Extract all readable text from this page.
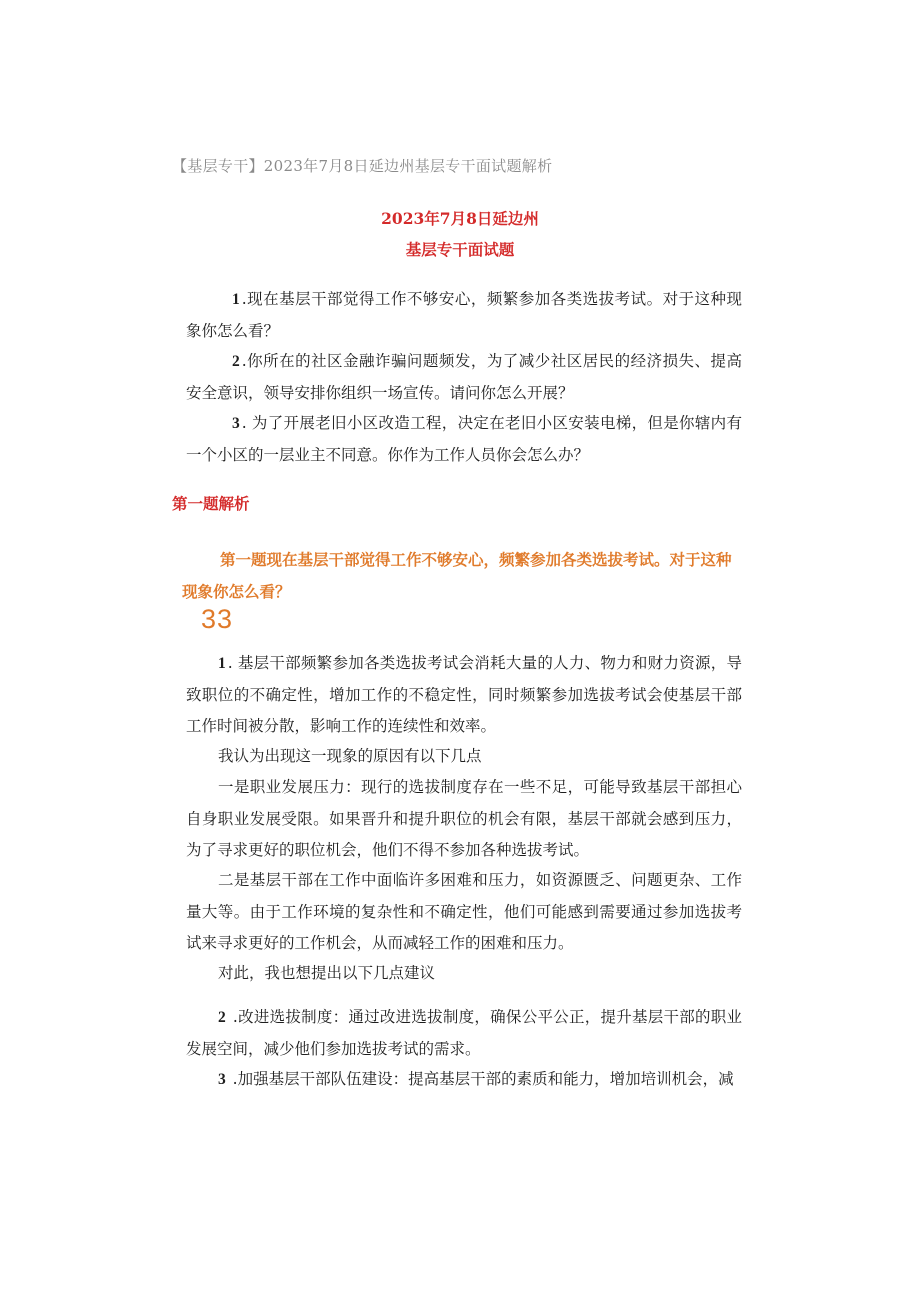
【基层专干】2023年7月8日延边州基层专干面试题解析

2023年7月8日延边州

基层专干面试题

1 .现在基层干部觉得工作不够安心，频繁参加各类选拔考试。对于这种现象你怎么看？

2 .你所在的社区金融诈骗问题频发，为了减少社区居民的经济损失、提高安全意识，领导安排你组织一场宣传。请问你怎么开展？

3 . 为了开展老旧小区改造工程，决定在老旧小区安装电梯，但是你辖内有一个小区的一层业主不同意。你作为工作人员你会怎么办？

第一题解析

第一题现在基层干部觉得工作不够安心，频繁参加各类选拔考试。对于这种现象你怎么看？

33

1 . 基层干部频繁参加各类选拔考试会消耗大量的人力、物力和财力资源，导致职位的不确定性，增加工作的不稳定性，同时频繁参加选拔考试会使基层干部工作时间被分散，影响工作的连续性和效率。

我认为出现这一现象的原因有以下几点

一是职业发展压力：现行的选拔制度存在一些不足，可能导致基层干部担心自身职业发展受限。如果晋升和提升职位的机会有限，基层干部就会感到压力，为了寻求更好的职位机会，他们不得不参加各种选拔考试。

二是基层干部在工作中面临许多困难和压力，如资源匮乏、问题更杂、工作量大等。由于工作环境的复杂性和不确定性，他们可能感到需要通过参加选拔考试来寻求更好的工作机会，从而减轻工作的困难和压力。

对此，我也想提出以下几点建议

2 .改进选拔制度：通过改进选拔制度，确保公平公正，提升基层干部的职业发展空间，减少他们参加选拔考试的需求。

3 .加强基层干部队伍建设：提高基层干部的素质和能力，增加培训机会，减
